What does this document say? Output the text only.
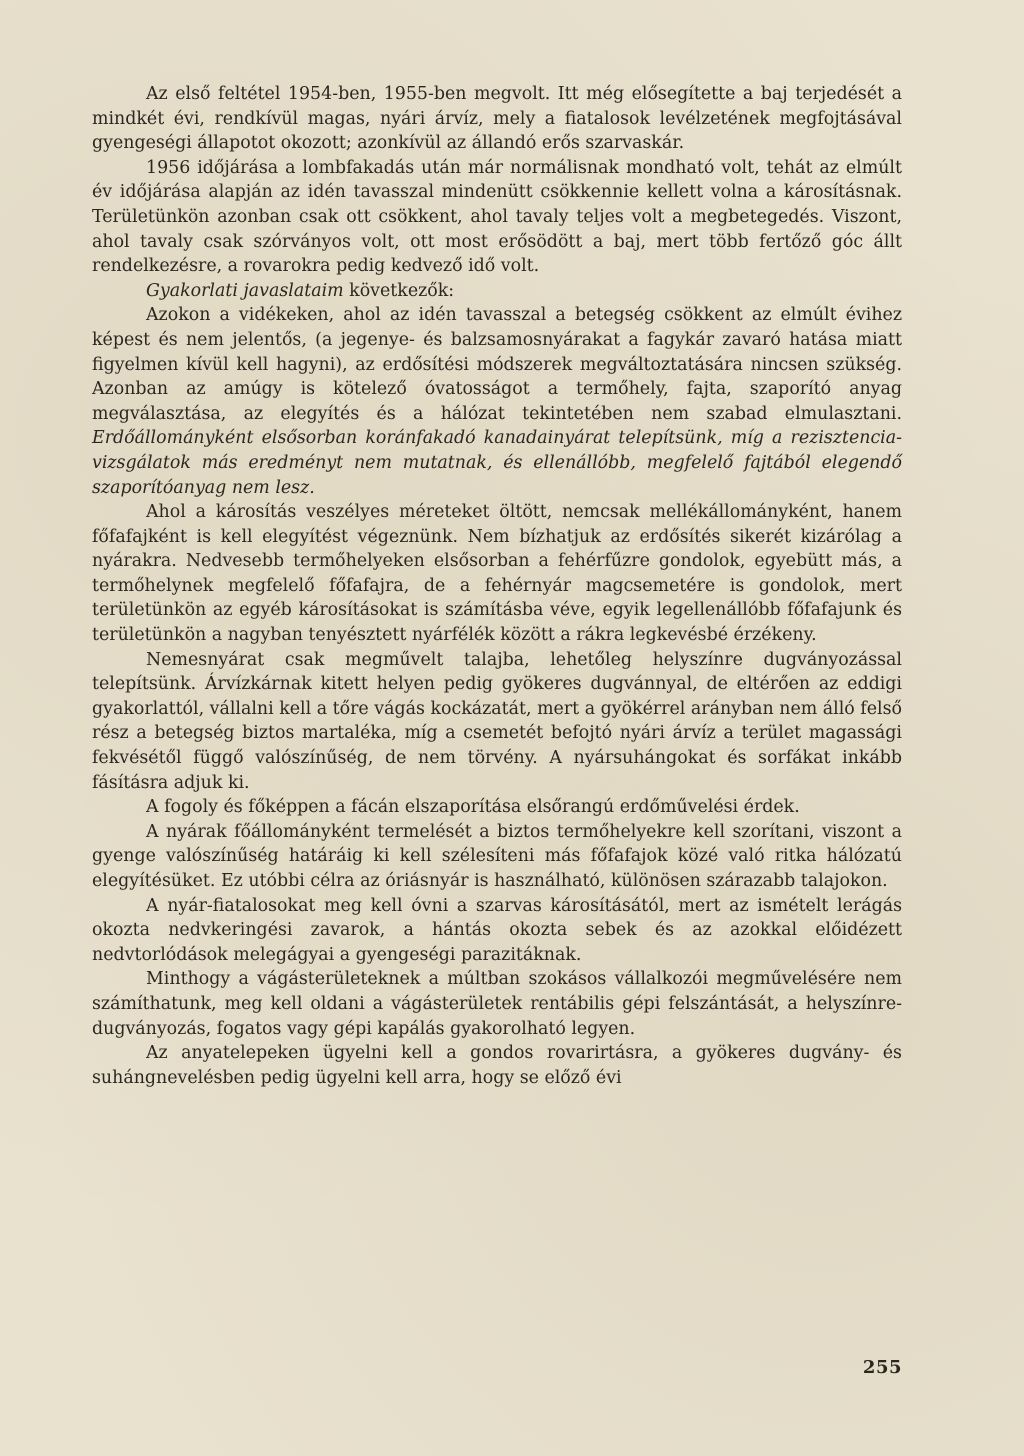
Az első feltétel 1954-ben, 1955-ben megvolt. Itt még elősegítette a baj terjedését a mindkét évi, rendkívül magas, nyári árvíz, mely a fiatalosok levélzetének megfojtásával gyengeségi állapotot okozott; azonkívül az állandó erős szarvaskár.

1956 időjárása a lombfakadás után már normálisnak mondható volt, tehát az elmúlt év időjárása alapján az idén tavasszal mindenütt csökkennie kellett volna a károsításnak. Területünkön azonban csak ott csökkent, ahol tavaly teljes volt a megbetegedés. Viszont, ahol tavaly csak szórványos volt, ott most erősödött a baj, mert több fertőző góc állt rendelkezésre, a rovarokra pedig kedvező idő volt.

Gyakorlati javaslataim következők:

Azokon a vidékeken, ahol az idén tavasszal a betegség csökkent az elmúlt évihez képest és nem jelentős, (a jegenye- és balzsamosnyárakat a fagykár zavaró hatása miatt figyelmen kívül kell hagyni), az erdősítési módszerek megváltoztatására nincsen szükség. Azonban az amúgy is kötelező óvatosságot a termőhely, fajta, szaporító anyag megválasztása, az elegyítés és a hálózat tekintetében nem szabad elmulasztani. Erdőállományként elsősorban koránfakadó kanadainyárat telepítsünk, míg a rezisztencia-vizsgálatok más eredményt nem mutatnak, és ellenállóbb, megfelelő fajtából elegendő szaporítóanyag nem lesz.

Ahol a károsítás veszélyes méreteket öltött, nemcsak mellékállományként, hanem főfafajként is kell elegyítést végeznünk. Nem bízhatjuk az erdősítés sikerét kizárólag a nyárakra. Nedvesebb termőhelyeken elsősorban a fehérfűzre gondolok, egyebütt más, a termőhelynek megfelelő főfafajra, de a fehérnyár magcsemetére is gondolok, mert területünkön az egyéb károsításokat is számításba véve, egyik legellenállóbb főfafajunk és területünkön a nagyban tenyésztett nyárfélék között a rákra legkevésbé érzékeny.

Nemesnyárat csak megművelt talajba, lehetőleg helyszínre dugványozással telepítsünk. Árvízkárnak kitett helyen pedig gyökeres dugvánnyal, de eltérően az eddigi gyakorlattól, vállalni kell a tőre vágás kockázatát, mert a gyökérrel arányban nem álló felső rész a betegség biztos martaléka, míg a csemetét befojtó nyári árvíz a terület magassági fekvésétől függő valószínűség, de nem törvény. A nyársuhángokat és sorfákat inkább fásításra adjuk ki.

A fogoly és főképpen a fácán elszaporítása elsőrangú erdőművelési érdek.

A nyárak főállományként termelését a biztos termőhelyekre kell szorítani, viszont a gyenge valószínűség határáig ki kell szélesíteni más főfafajok közé való ritka hálózatú elegyítésüket. Ez utóbbi célra az óriásnyár is használható, különösen szárazabb talajokon.

A nyár-fiatalosokat meg kell óvni a szarvas károsításától, mert az ismételt lerágás okozta nedvkeringési zavarok, a hántás okozta sebek és az azokkal előidézett nedvtorlódások melegágyai a gyengeségi parazitáknak.

Minthogy a vágásterületeknek a múltban szokásos vállalkozói megművelésére nem számíthatunk, meg kell oldani a vágásterületek rentábilis gépi felszántását, a helyszínre-dugványozás, fogatos vagy gépi kapálás gyakorolható legyen.

Az anyatelepeken ügyelni kell a gondos rovarirtásra, a gyökeres dugvány- és suhángnevelésben pedig ügyelni kell arra, hogy se előző évi

255
